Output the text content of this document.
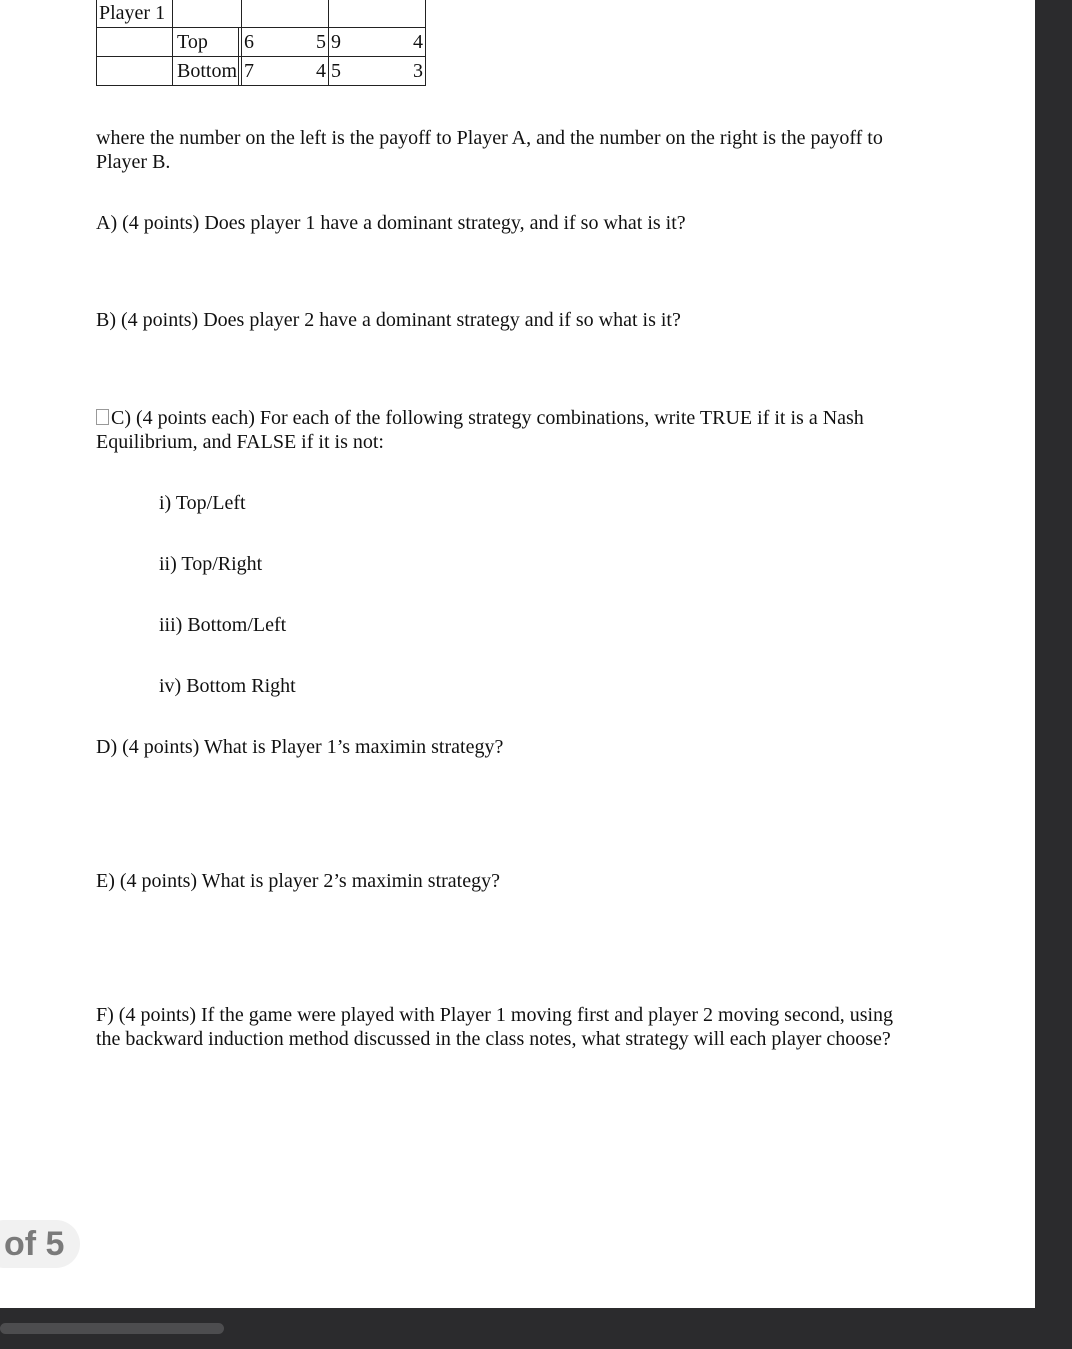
Player 1			

	Top	6 5	9 4

	Bottom	7 4	5 3

where the number on the left is the payoff to Player A, and the number on the right is the payoff to Player B.

A) (4 points) Does player 1 have a dominant strategy, and if so what is it?

B) (4 points) Does player 2 have a dominant strategy and if so what is it?

C) (4 points each) For each of the following strategy combinations, write TRUE if it is a Nash Equilibrium, and FALSE if it is not:

i) Top/Left

ii) Top/Right

iii) Bottom/Left

iv) Bottom Right

D) (4 points) What is Player 1’s maximin strategy?

E) (4 points) What is player 2’s maximin strategy?

F) (4 points) If the game were played with Player 1 moving first and player 2 moving second, using the backward induction method discussed in the class notes, what strategy will each player choose?

of 5
